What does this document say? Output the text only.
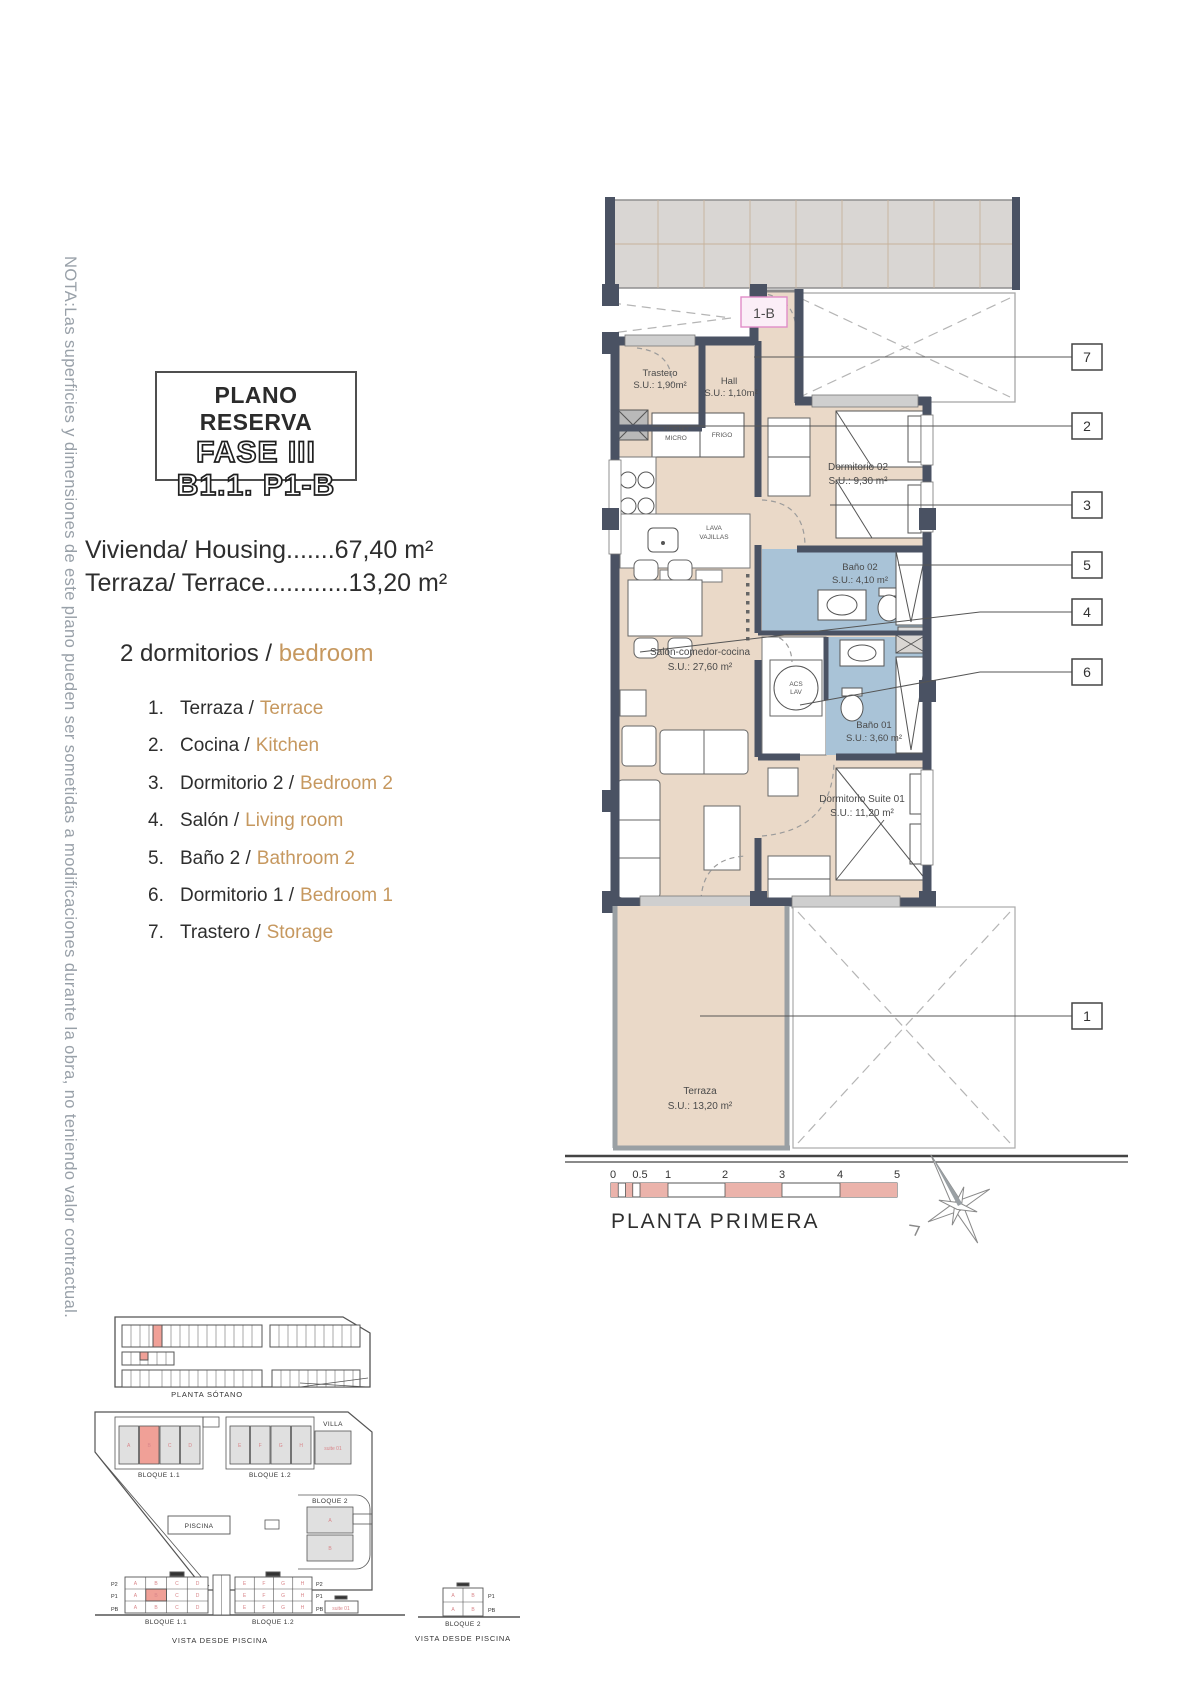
NOTA:Las superficies y dimensiones de este plano pueden ser sometidas a modificaciones durante la obra, no teniendo valor contractual.	PLANO RESERVA
FASE III
B1.1. P1-B
Vivienda/ Housing.......67,40 m²
Terraza/ Terrace............13,20 m²
2 dormitorios / bedroom
1. Terraza / Terrace
2. Cocina / Kitchen
3. Dormitorio 2 / Bedroom 2
4. Salón / Living room
5. Baño 2 / Bathroom 2
6. Dormitorio 1 / Bedroom 1
7. Trastero / Storage
1-B
7
2
3
5
4
6
1
Trastero
S.U.: 1,90m²	Hall
S.U.: 1,10m²
Salón-comedor-cocina
S.U.: 27,60 m²
Dormitorio 02
S.U.: 9,30 m²
Baño 02
S.U.: 4,10 m²
Baño 01
S.U.: 3,60 m²
Dormitorio Suite 01
S.U.: 11,20 m²
Terraza
S.U.: 13,20 m²
HORNO
MICRO	FRIGO
LAVA
VAJILLAS
ACS
LAV
0 0.5 1	2	3	4	5
PLANTA PRIMERA
PLANTA SÓTANO
A	B	C	D	E	F	G	H
BLOQUE 1.1	BLOQUE 1.2
VILLA
suite 01
BLOQUE 2
A
B
PISCINA
P2
P1
PB
P2
P1
PB
A	B	C	D
A	B	C	D
A	B	C	D
E	F	G	H
E	F	G	H
E	F	G	H	suite 01
BLOQUE 1.1	BLOQUE 1.2
VISTA DESDE PISCINA
P1
PB
A	B
A	B
BLOQUE 2
VISTA DESDE PISCINA
